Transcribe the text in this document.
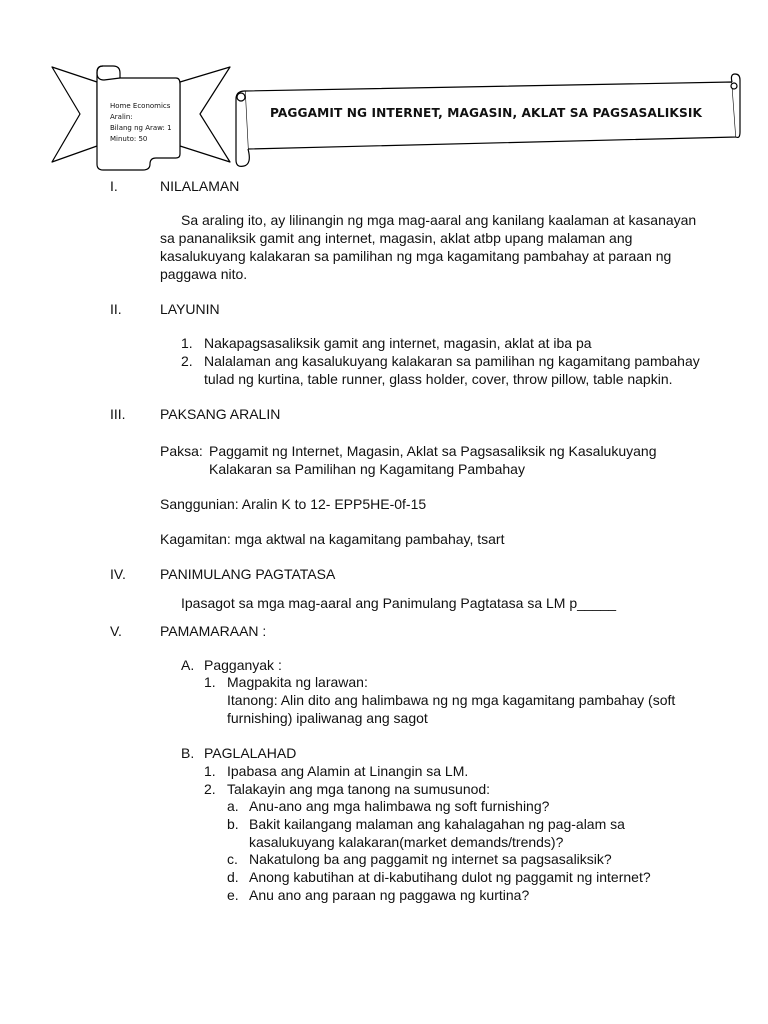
Home Economics
Aralin:
Bilang ng Araw: 1
Minuto: 50
PAGGAMIT NG INTERNET, MAGASIN, AKLAT SA PAGSASALIKSIK
I.	NILALAMAN
Sa araling ito, ay lilinangin ng mga mag-aaral ang kanilang kaalaman at kasanayan
sa pananaliksik gamit ang internet, magasin, aklat atbp upang malaman ang
kasalukuyang kalakaran sa pamilihan ng mga kagamitang pambahay at paraan ng
paggawa nito.
II.	LAYUNIN
1. Nakapagsasaliksik gamit ang internet, magasin, aklat at iba pa
2. Nalalaman ang kasalukuyang kalakaran sa pamilihan ng kagamitang pambahay
tulad ng kurtina, table runner, glass holder, cover, throw pillow, table napkin.
III. PAKSANG ARALIN
Paksa: Paggamit ng Internet, Magasin, Aklat sa Pagsasaliksik ng Kasalukuyang
Kalakaran sa Pamilihan ng Kagamitang Pambahay
Sanggunian: Aralin K to 12- EPP5HE-0f-15
Kagamitan: mga aktwal na kagamitang pambahay, tsart
IV. PANIMULANG PAGTATASA
Ipasagot sa mga mag-aaral ang Panimulang Pagtatasa sa LM p_____
V.	PAMAMARAAN :
A. Pagganyak :
1. Magpakita ng larawan:
Itanong: Alin dito ang halimbawa ng ng mga kagamitang pambahay (soft
furnishing) ipaliwanag ang sagot
B. PAGLALAHAD
1. Ipabasa ang Alamin at Linangin sa LM.
2. Talakayin ang mga tanong na sumusunod:
a. Anu-ano ang mga halimbawa ng soft furnishing?
b. Bakit kailangang malaman ang kahalagahan ng pag-alam sa
kasalukuyang kalakaran(market demands/trends)?
c. Nakatulong ba ang paggamit ng internet sa pagsasaliksik?
d. Anong kabutihan at di-kabutihang dulot ng paggamit ng internet?
e. Anu ano ang paraan ng paggawa ng kurtina?
